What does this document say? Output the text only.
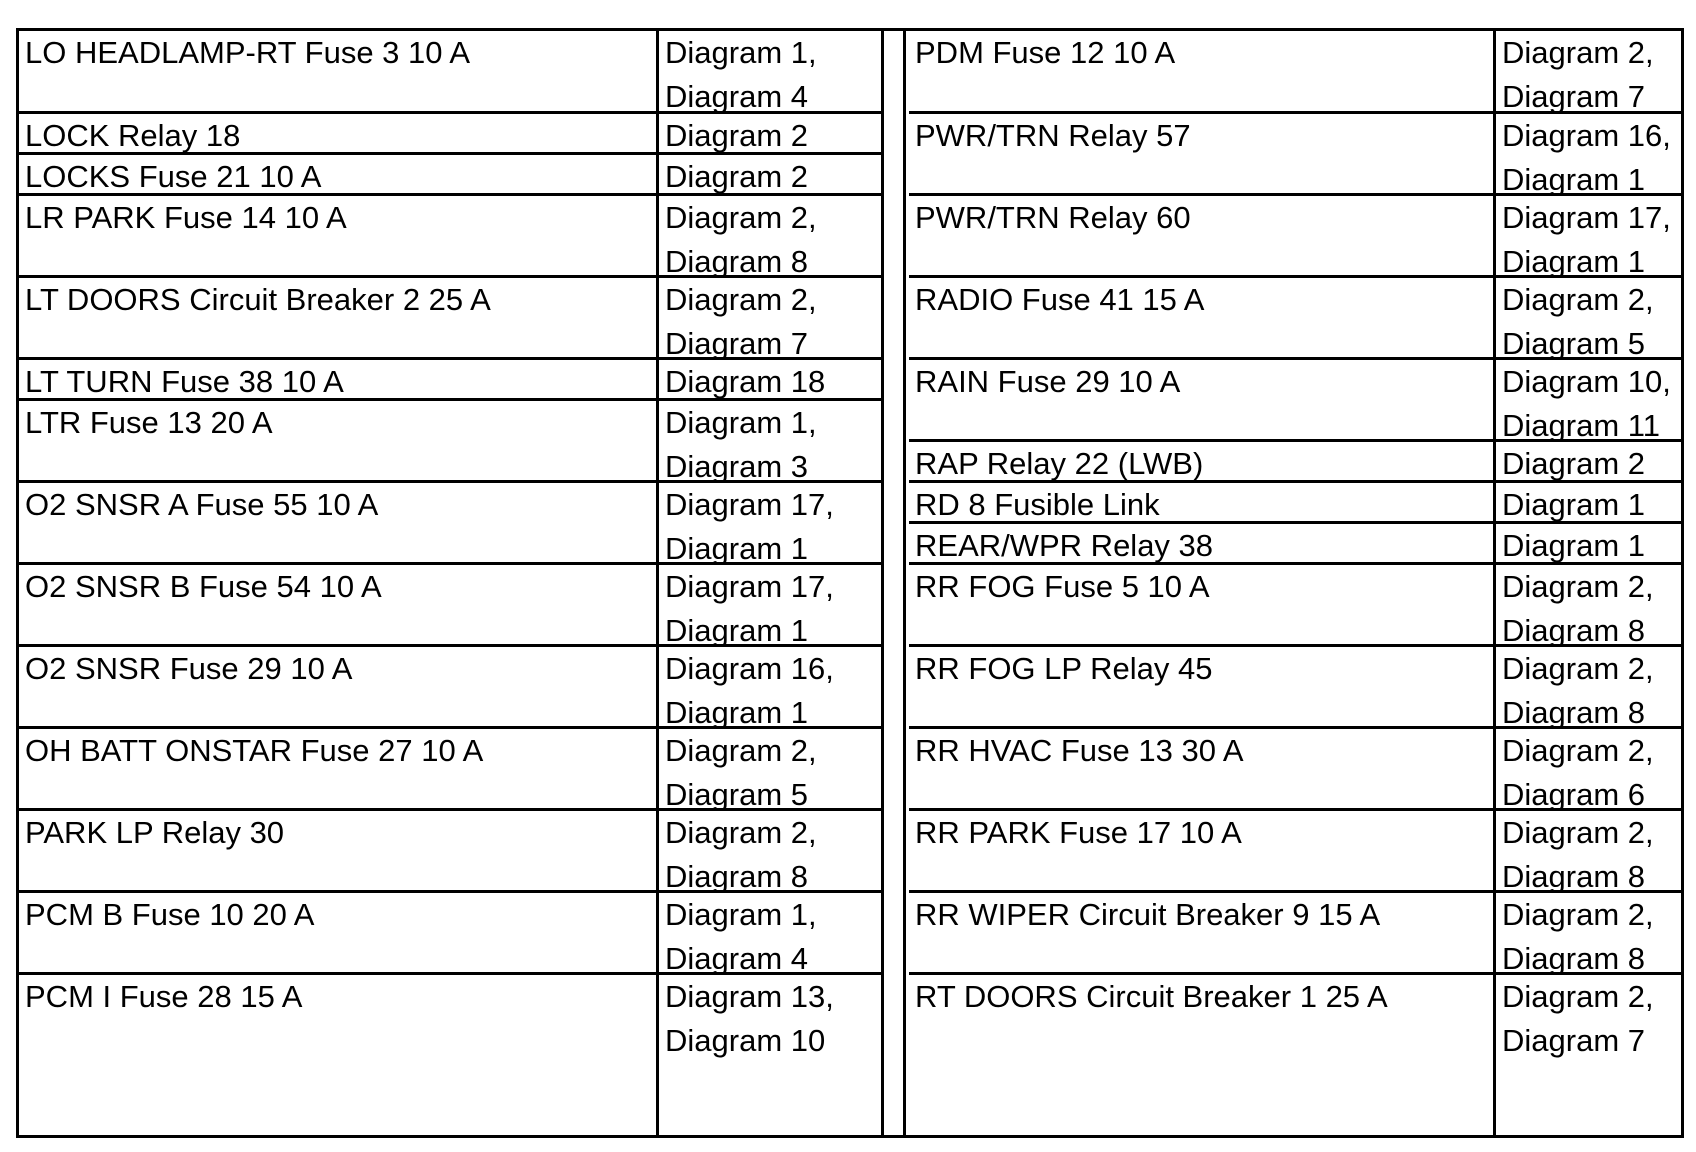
LO HEADLAMP-RT Fuse 3 10 A	Diagram 1,
Diagram 4
LOCK Relay 18	Diagram 2
LOCKS Fuse 21 10 A	Diagram 2
LR PARK Fuse 14 10 A	Diagram 2,
Diagram 8
LT DOORS Circuit Breaker 2 25 A	Diagram 2,
Diagram 7
LT TURN Fuse 38 10 A	Diagram 18
LTR Fuse 13 20 A	Diagram 1,
Diagram 3
O2 SNSR A Fuse 55 10 A	Diagram 17,
Diagram 1
O2 SNSR B Fuse 54 10 A	Diagram 17,
Diagram 1
O2 SNSR Fuse 29 10 A	Diagram 16,
Diagram 1
OH BATT ONSTAR Fuse 27 10 A	Diagram 2,
Diagram 5
PARK LP Relay 30	Diagram 2,
Diagram 8
PCM B Fuse 10 20 A	Diagram 1,
Diagram 4
PCM I Fuse 28 15 A	Diagram 13,
Diagram 10
PDM Fuse 12 10 A	Diagram 2,
Diagram 7
PWR/TRN Relay 57	Diagram 16,
Diagram 1
PWR/TRN Relay 60	Diagram 17,
Diagram 1
RADIO Fuse 41 15 A	Diagram 2,
Diagram 5
RAIN Fuse 29 10 A	Diagram 10,
Diagram 11
RAP Relay 22 (LWB)	Diagram 2
RD 8 Fusible Link	Diagram 1
REAR/WPR Relay 38	Diagram 1
RR FOG Fuse 5 10 A	Diagram 2,
Diagram 8
RR FOG LP Relay 45	Diagram 2,
Diagram 8
RR HVAC Fuse 13 30 A	Diagram 2,
Diagram 6
RR PARK Fuse 17 10 A	Diagram 2,
Diagram 8
RR WIPER Circuit Breaker 9 15 A	Diagram 2,
Diagram 8
RT DOORS Circuit Breaker 1 25 A	Diagram 2,
Diagram 7
